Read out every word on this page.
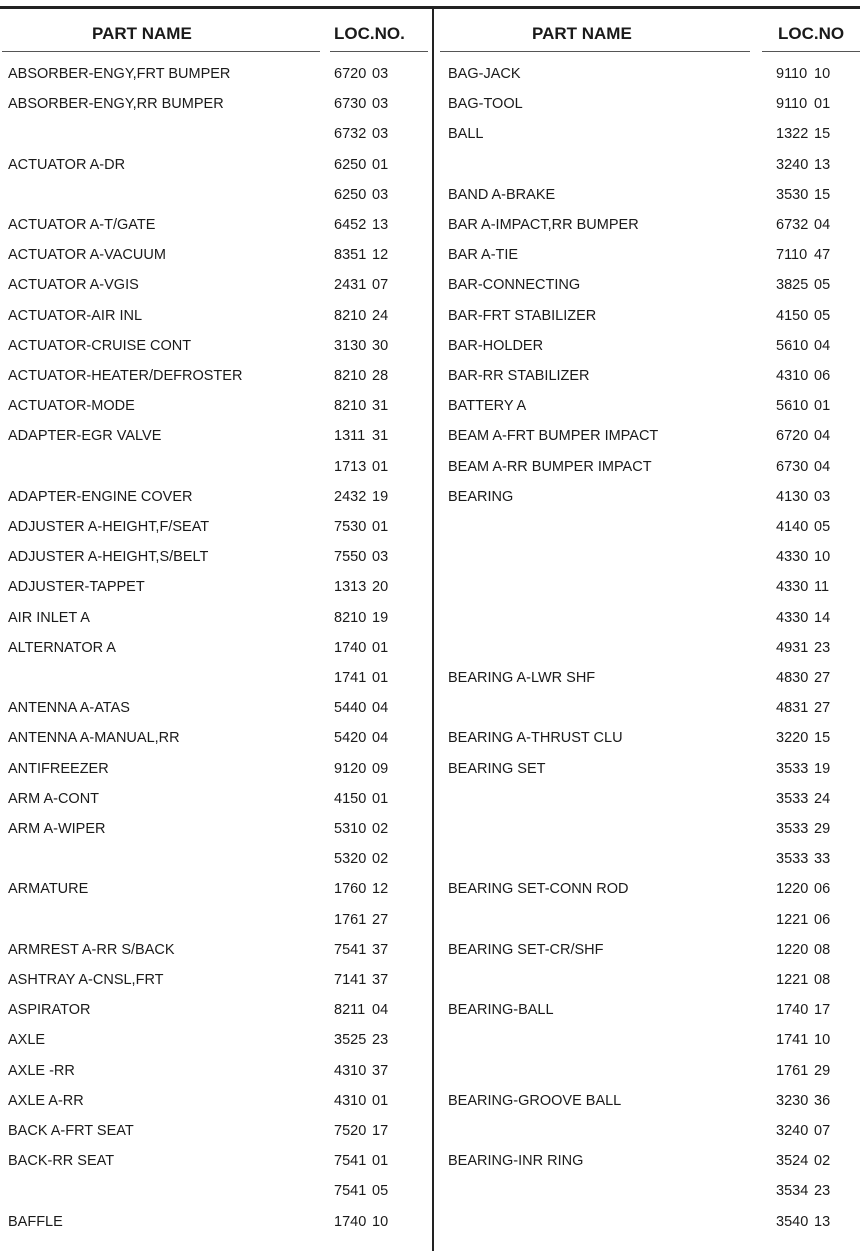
PART NAME	LOC.NO.	PART NAME	LOC.NO
ABSORBER-ENGY,FRT BUMPER	6720 03
ABSORBER-ENGY,RR BUMPER	6730 03
6732 03
ACTUATOR A-DR	6250 01
6250 03
ACTUATOR A-T/GATE	6452 13
ACTUATOR A-VACUUM	8351 12
ACTUATOR A-VGIS	2431 07
ACTUATOR-AIR INL	8210 24
ACTUATOR-CRUISE CONT	3130 30
ACTUATOR-HEATER/DEFROSTER	8210 28
ACTUATOR-MODE	8210 31
ADAPTER-EGR VALVE	1311 31
1713 01
ADAPTER-ENGINE COVER	2432 19
ADJUSTER A-HEIGHT,F/SEAT	7530 01
ADJUSTER A-HEIGHT,S/BELT	7550 03
ADJUSTER-TAPPET	1313 20
AIR INLET A	8210 19
ALTERNATOR A	1740 01
1741 01
ANTENNA A-ATAS	5440 04
ANTENNA A-MANUAL,RR	5420 04
ANTIFREEZER	9120 09
ARM A-CONT	4150 01
ARM A-WIPER	5310 02
5320 02
ARMATURE	1760 12
1761 27
ARMREST A-RR S/BACK	7541 37
ASHTRAY A-CNSL,FRT	7141 37
ASPIRATOR	8211 04
AXLE	3525 23
AXLE -RR	4310 37
AXLE A-RR	4310 01
BACK A-FRT SEAT	7520 17
BACK-RR SEAT	7541 01
7541 05
BAFFLE	1740 10
BAG-JACK	9110 10
BAG-TOOL	9110 01
BALL	1322 15
3240 13
BAND A-BRAKE	3530 15
BAR A-IMPACT,RR BUMPER	6732 04
BAR A-TIE	7110 47
BAR-CONNECTING	3825 05
BAR-FRT STABILIZER	4150 05
BAR-HOLDER	5610 04
BAR-RR STABILIZER	4310 06
BATTERY A	5610 01
BEAM A-FRT BUMPER IMPACT	6720 04
BEAM A-RR BUMPER IMPACT	6730 04
BEARING	4130 03
4140 05
4330 10
4330 11
4330 14
4931 23
BEARING A-LWR SHF	4830 27
4831 27
BEARING A-THRUST CLU	3220 15
BEARING SET	3533 19
3533 24
3533 29
3533 33
BEARING SET-CONN ROD	1220 06
1221 06
BEARING SET-CR/SHF	1220 08
1221 08
BEARING-BALL	1740 17
1741 10
1761 29
BEARING-GROOVE BALL	3230 36
3240 07
BEARING-INR RING	3524 02
3534 23
3540 13
